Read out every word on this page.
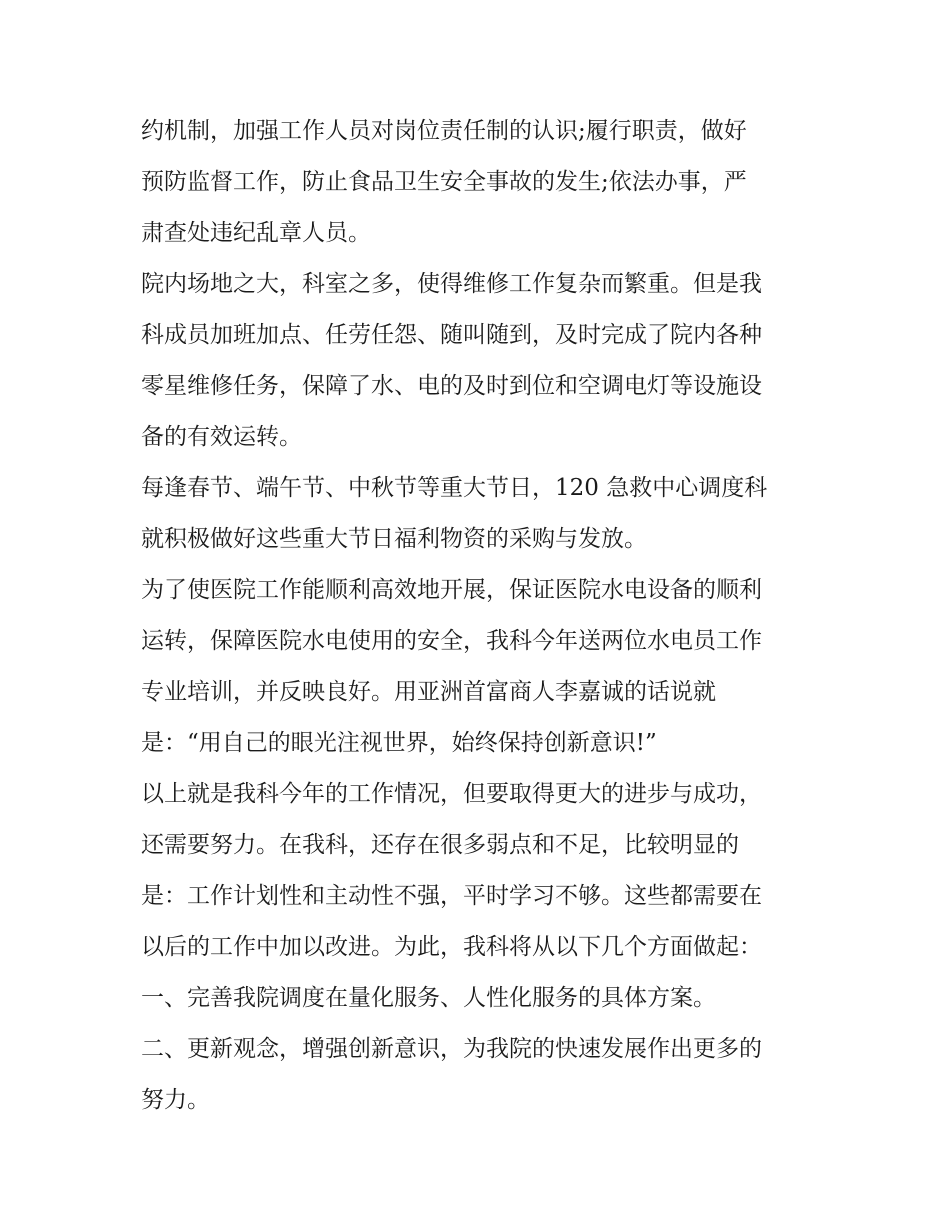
约机制，加强工作人员对岗位责任制的认识;履行职责，做好
预防监督工作，防止食品卫生安全事故的发生;依法办事，严
肃查处违纪乱章人员。
院内场地之大，科室之多，使得维修工作复杂而繁重。但是我
科成员加班加点、任劳任怨、随叫随到，及时完成了院内各种
零星维修任务，保障了水、电的及时到位和空调电灯等设施设
备的有效运转。
每逢春节、端午节、中秋节等重大节日，120 急救中心调度科
就积极做好这些重大节日福利物资的采购与发放。
为了使医院工作能顺利高效地开展，保证医院水电设备的顺利
运转，保障医院水电使用的安全，我科今年送两位水电员工作
专业培训，并反映良好。用亚洲首富商人李嘉诚的话说就
是：“用自己的眼光注视世界，始终保持创新意识!”
以上就是我科今年的工作情况，但要取得更大的进步与成功，
还需要努力。在我科，还存在很多弱点和不足，比较明显的
是：工作计划性和主动性不强，平时学习不够。这些都需要在
以后的工作中加以改进。为此，我科将从以下几个方面做起：
一、完善我院调度在量化服务、人性化服务的具体方案。
二、更新观念，增强创新意识，为我院的快速发展作出更多的
努力。
